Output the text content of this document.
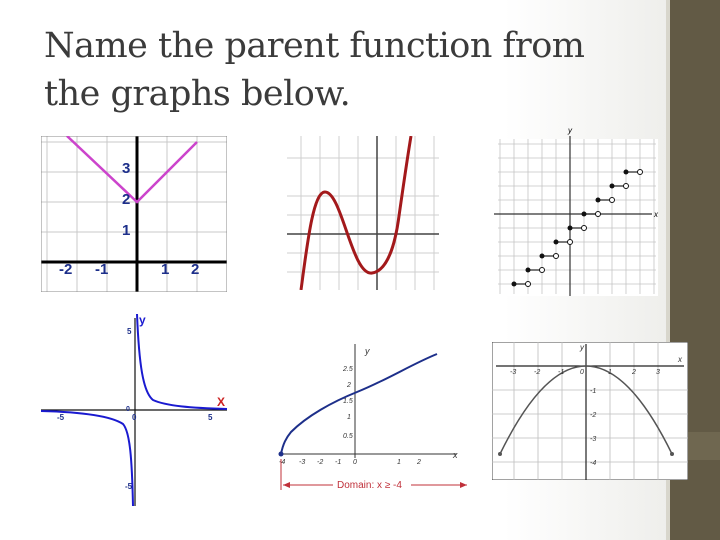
Name the parent function from the graphs below.
3
2
1
-2 -1	1 2
y
x
y
X
5
-5
-5	0	5
0
y
x
2.5
2
1.5
1
0.5
-4 -3 -2 -1 0	1 2
Domain: x ≥ -4
y
x
-3	-2	-1 0	1	2	3
-1
-2
-3
-4
